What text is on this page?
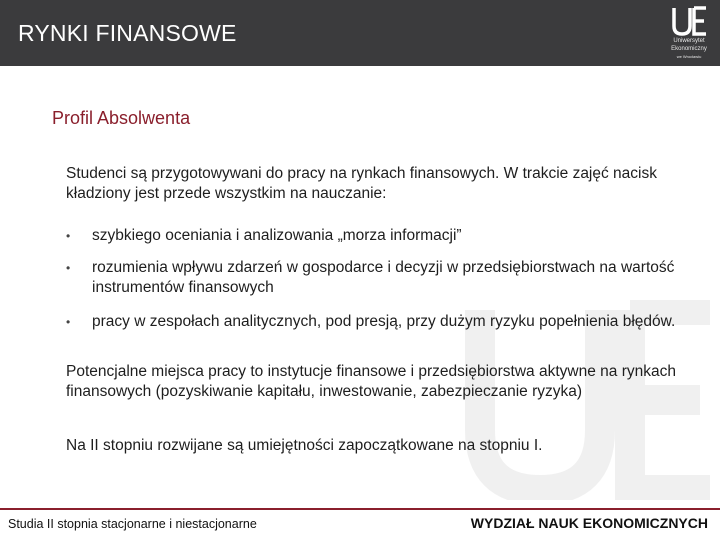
RYNKI FINANSOWE	Uniwersytet
Ekonomiczny
we Wrocławiu
Profil Absolwenta
Studenci są przygotowywani do pracy na rynkach finansowych. W trakcie zajęć nacisk kładziony jest przede wszystkim na nauczanie:
• szybkiego oceniania i analizowania „morza informacji”
• rozumienia wpływu zdarzeń w gospodarce i decyzji w przedsiębiorstwach na wartość instrumentów finansowych
• pracy w zespołach analitycznych, pod presją, przy dużym ryzyku popełnienia błędów.
Potencjalne miejsca pracy to instytucje finansowe i przedsiębiorstwa aktywne na rynkach finansowych (pozyskiwanie kapitału, inwestowanie, zabezpieczanie ryzyka)
Na II stopniu rozwijane są umiejętności zapoczątkowane na stopniu I.
Studia II stopnia stacjonarne i niestacjonarne	WYDZIAŁ NAUK EKONOMICZNYCH
